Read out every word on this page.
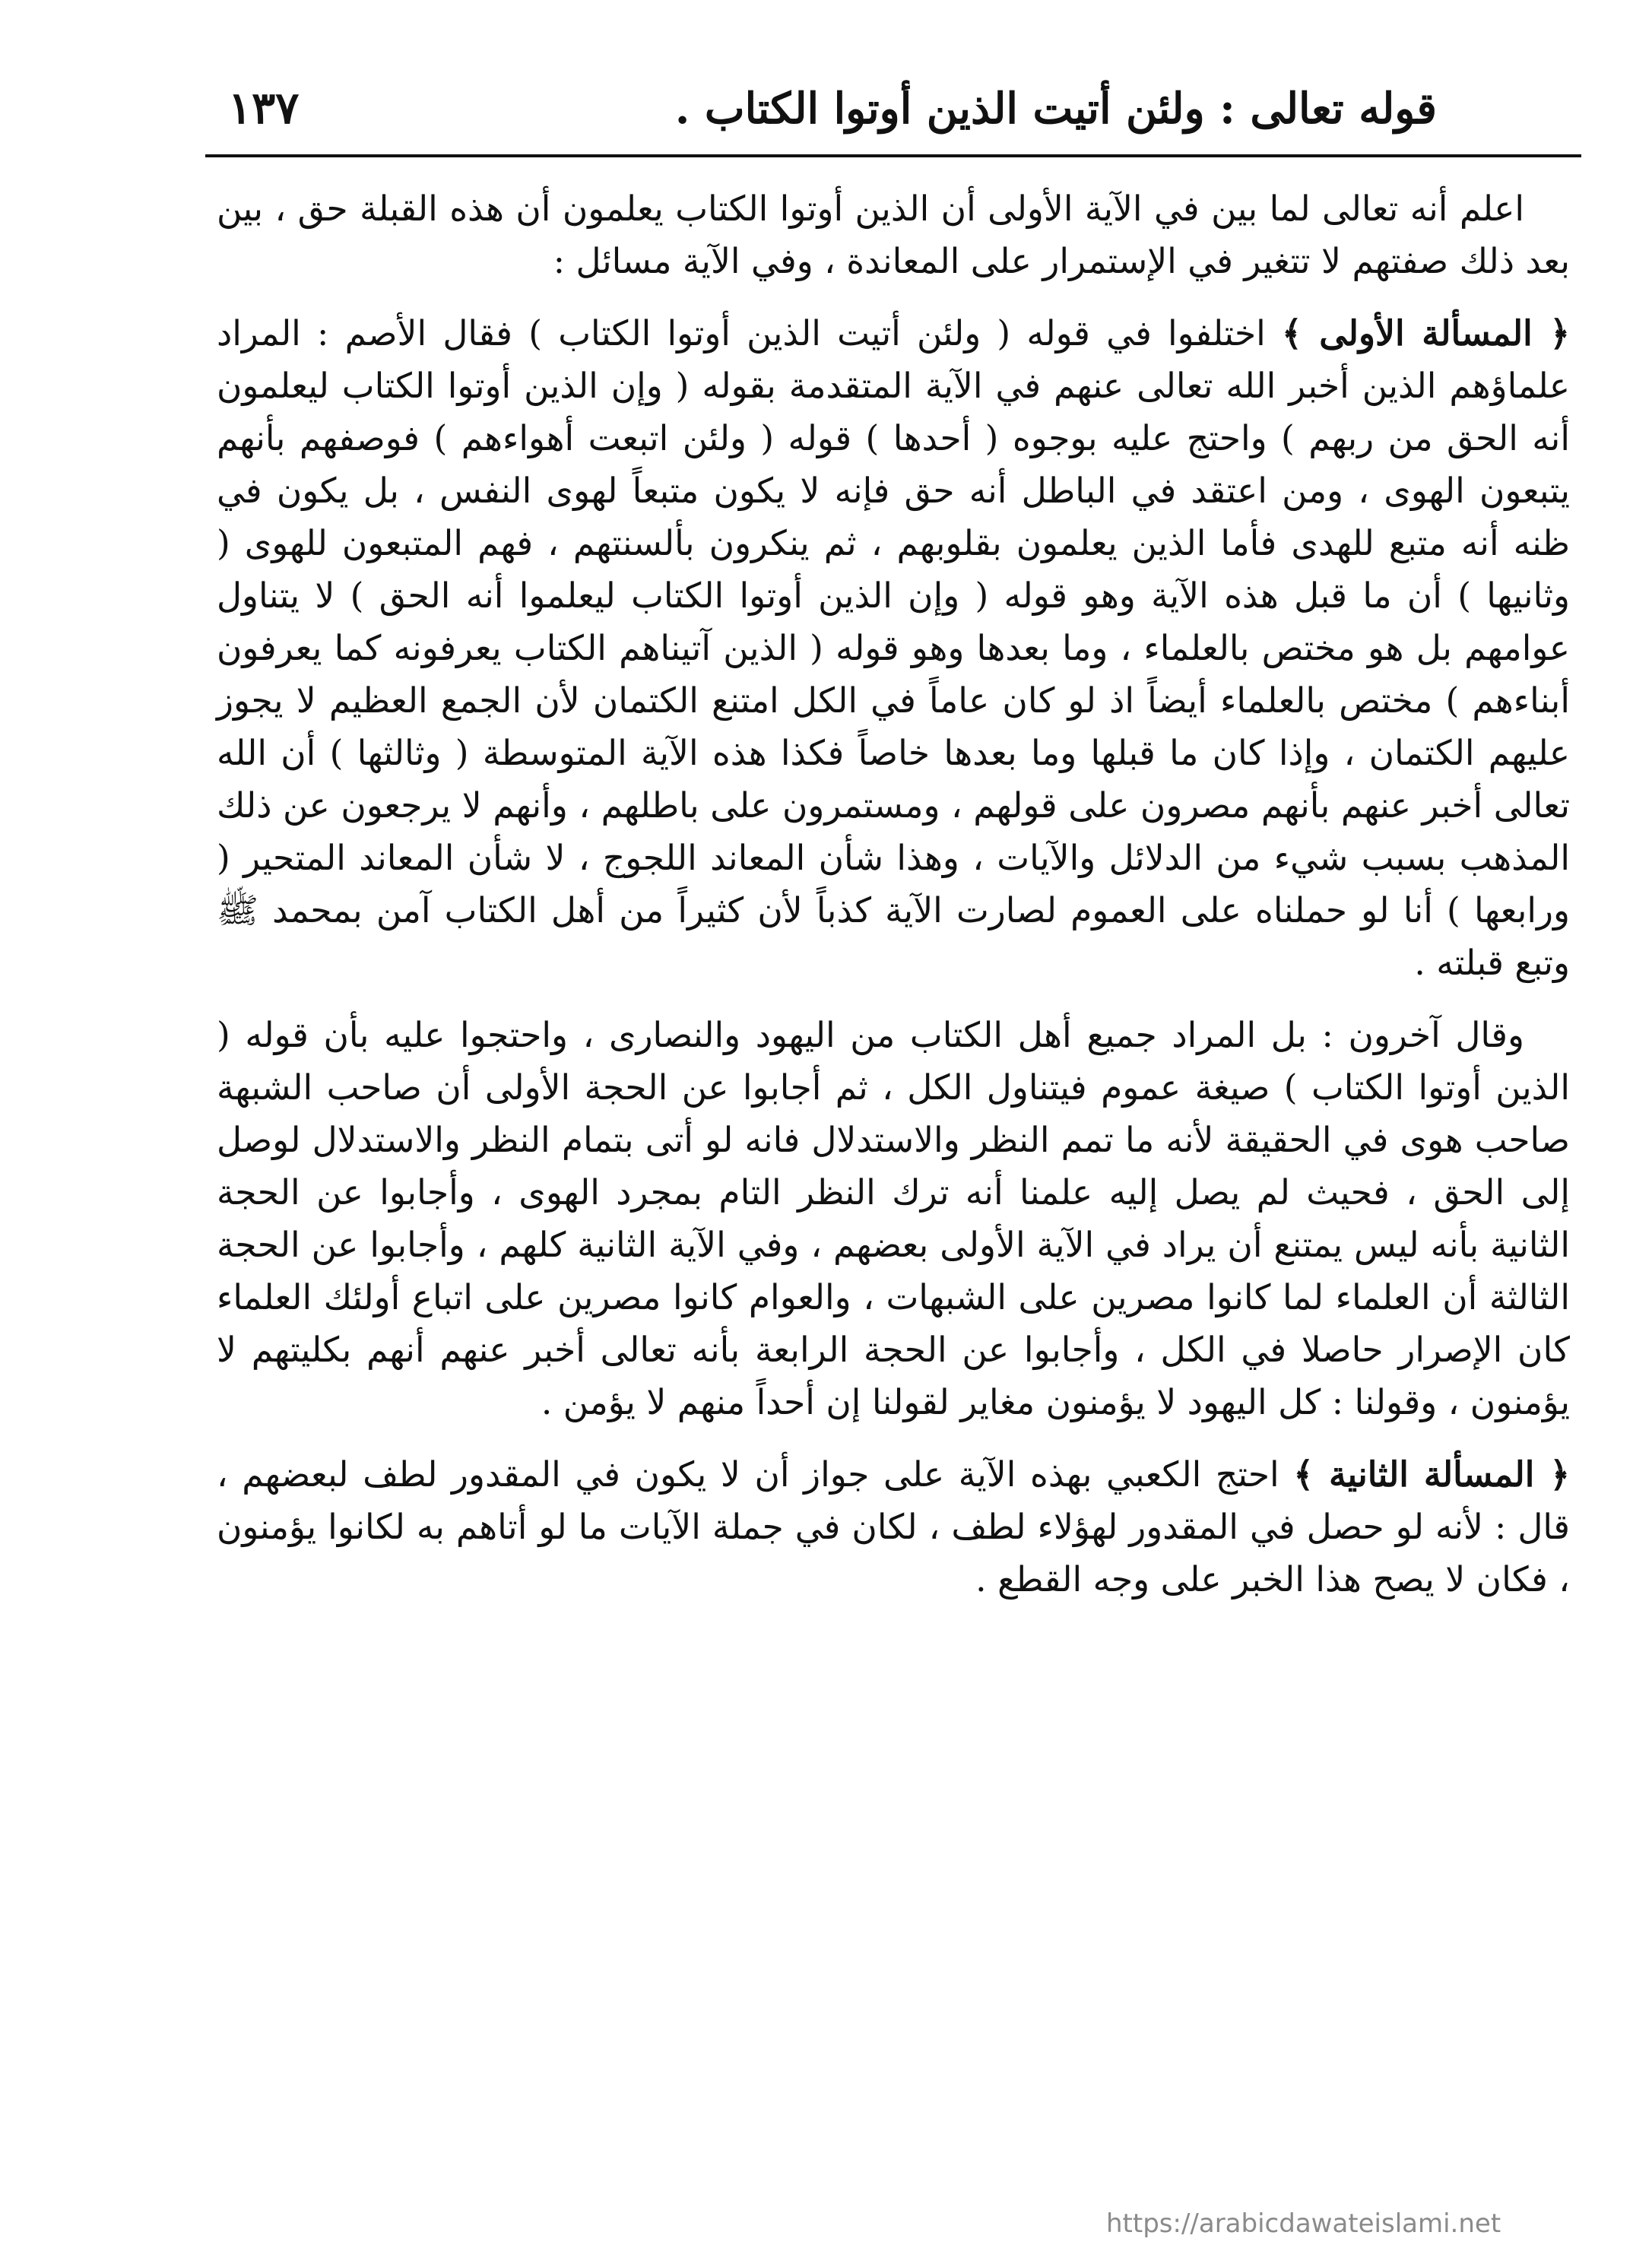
قوله تعالى : ولئن أتيت الذين أوتوا الكتاب .
١٣٧

اعلم أنه تعالى لما بين في الآية الأولى أن الذين أوتوا الكتاب يعلمون أن هذه القبلة حق ، بين بعد ذلك صفتهم لا تتغير في الإستمرار على المعاندة ، وفي الآية مسائل :

﴿ المسألة الأولى ﴾ اختلفوا في قوله ( ولئن أتيت الذين أوتوا الكتاب ) فقال الأصم : المراد علماؤهم الذين أخبر الله تعالى عنهم في الآية المتقدمة بقوله ( وإن الذين أوتوا الكتاب ليعلمون أنه الحق من ربهم ) واحتج عليه بوجوه ( أحدها ) قوله ( ولئن اتبعت أهواءهم ) فوصفهم بأنهم يتبعون الهوى ، ومن اعتقد في الباطل أنه حق فإنه لا يكون متبعاً لهوى النفس ، بل يكون في ظنه أنه متبع للهدى فأما الذين يعلمون بقلوبهم ، ثم ينكرون بألسنتهم ، فهم المتبعون للهوى ( وثانيها ) أن ما قبل هذه الآية وهو قوله ( وإن الذين أوتوا الكتاب ليعلموا أنه الحق ) لا يتناول عوامهم بل هو مختص بالعلماء ، وما بعدها وهو قوله ( الذين آتيناهم الكتاب يعرفونه كما يعرفون أبناءهم ) مختص بالعلماء أيضاً اذ لو كان عاماً في الكل امتنع الكتمان لأن الجمع العظيم لا يجوز عليهم الكتمان ، وإذا كان ما قبلها وما بعدها خاصاً فكذا هذه الآية المتوسطة ( وثالثها ) أن الله تعالى أخبر عنهم بأنهم مصرون على قولهم ، ومستمرون على باطلهم ، وأنهم لا يرجعون عن ذلك المذهب بسبب شيء من الدلائل والآيات ، وهذا شأن المعاند اللجوج ، لا شأن المعاند المتحير ( ورابعها ) أنا لو حملناه على العموم لصارت الآية كذباً لأن كثيراً من أهل الكتاب آمن بمحمد ﷺ وتبع قبلته .

وقال آخرون : بل المراد جميع أهل الكتاب من اليهود والنصارى ، واحتجوا عليه بأن قوله ( الذين أوتوا الكتاب ) صيغة عموم فيتناول الكل ، ثم أجابوا عن الحجة الأولى أن صاحب الشبهة صاحب هوى في الحقيقة لأنه ما تمم النظر والاستدلال فانه لو أتى بتمام النظر والاستدلال لوصل إلى الحق ، فحيث لم يصل إليه علمنا أنه ترك النظر التام بمجرد الهوى ، وأجابوا عن الحجة الثانية بأنه ليس يمتنع أن يراد في الآية الأولى بعضهم ، وفي الآية الثانية كلهم ، وأجابوا عن الحجة الثالثة أن العلماء لما كانوا مصرين على الشبهات ، والعوام كانوا مصرين على اتباع أولئك العلماء كان الإصرار حاصلا في الكل ، وأجابوا عن الحجة الرابعة بأنه تعالى أخبر عنهم أنهم بكليتهم لا يؤمنون ، وقولنا : كل اليهود لا يؤمنون مغاير لقولنا إن أحداً منهم لا يؤمن .

﴿ المسألة الثانية ﴾ احتج الكعبي بهذه الآية على جواز أن لا يكون في المقدور لطف لبعضهم ، قال : لأنه لو حصل في المقدور لهؤلاء لطف ، لكان في جملة الآيات ما لو أتاهم به لكانوا يؤمنون ، فكان لا يصح هذا الخبر على وجه القطع .

https://arabicdawateislami.net
